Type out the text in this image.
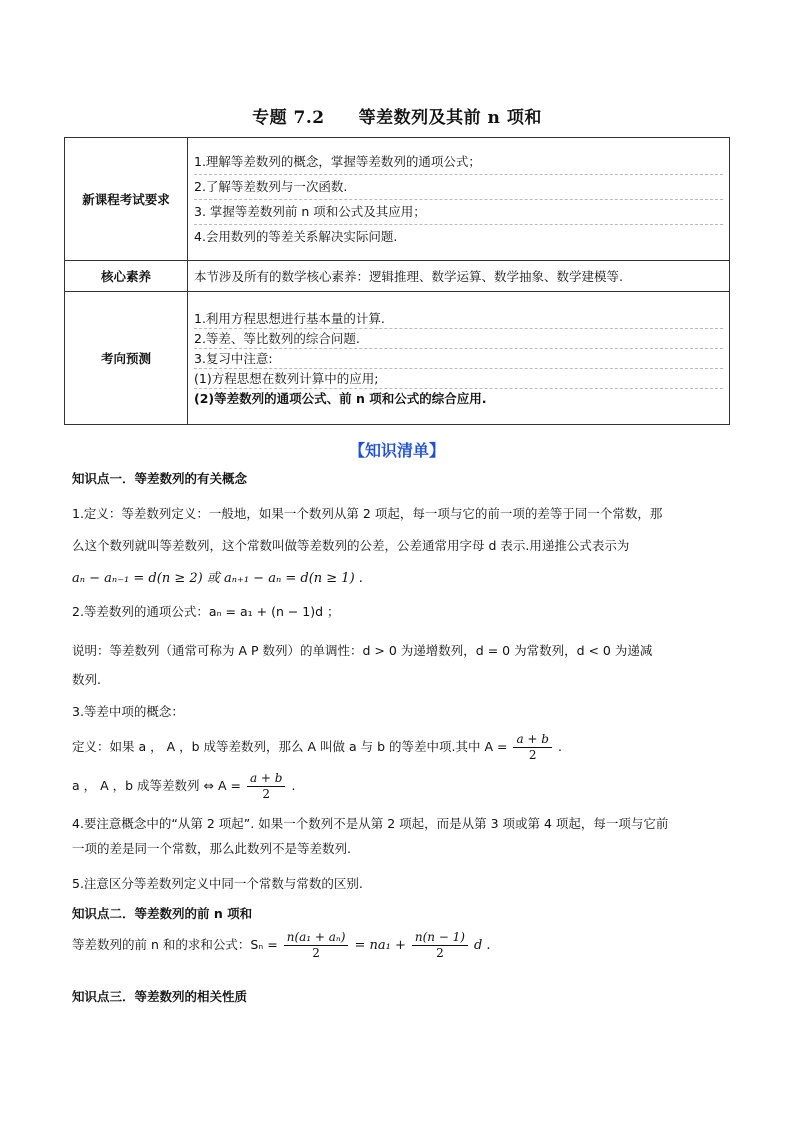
专题 7.2 等差数列及其前 n 项和
新课程考试要求	1.理解等差数列的概念，掌握等差数列的通项公式；
2.了解等差数列与一次函数.
3. 掌握等差数列前 n 项和公式及其应用；
4.会用数列的等差关系解决实际问题.

核心素养	本节涉及所有的数学核心素养：逻辑推理、数学运算、数学抽象、数学建模等.
考向预测	1.利用方程思想进行基本量的计算.
2.等差、等比数列的综合问题.
3.复习中注意:
(1)方程思想在数列计算中的应用;
(2)等差数列的通项公式、前 n 项和公式的综合应用.
【知识清单】
知识点一．等差数列的有关概念
1.定义：等差数列定义：一般地，如果一个数列从第 2 项起，每一项与它的前一项的差等于同一个常数，那
么这个数列就叫等差数列，这个常数叫做等差数列的公差，公差通常用字母 d 表示.用递推公式表示为
aₙ − aₙ₋₁ = d(n ≥ 2) 或 aₙ₊₁ − aₙ = d(n ≥ 1) .
2.等差数列的通项公式：aₙ = a₁ + (n − 1)d ；
说明：等差数列（通常可称为 A P 数列）的单调性：d > 0 为递增数列，d = 0 为常数列，d < 0 为递减
数列.
3.等差中项的概念：
定义：如果 a ， A ，b 成等差数列，那么 A 叫做 a 与 b 的等差中项.其中 $A = \frac{a + b}{2}$ .
a ， A ，b 成等差数列 ⇔ $A = \frac{a + b}{2}$ .
4.要注意概念中的“从第 2 项起”. 如果一个数列不是从第 2 项起，而是从第 3 项或第 4 项起，每一项与它前
一项的差是同一个常数，那么此数列不是等差数列.
5.注意区分等差数列定义中同一个常数与常数的区别.
知识点二．等差数列的前 n 项和
等差数列的前 n 和的求和公式：$S_n = \frac{\text{n(a₁ + aₙ)}}{2} = na_1 + \frac{n(n - 1)}{2}$ d .
知识点三．等差数列的相关性质
